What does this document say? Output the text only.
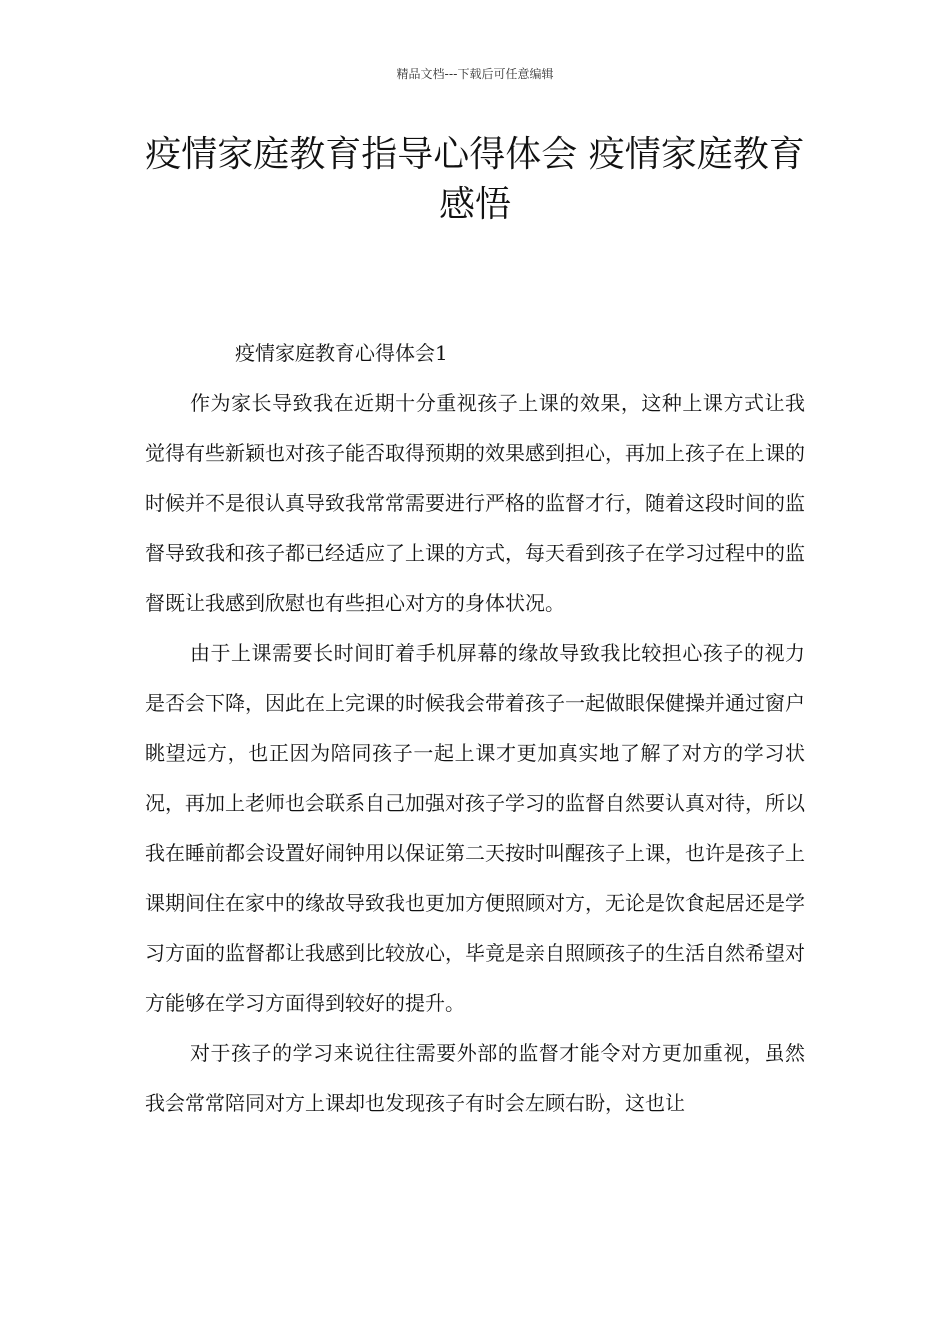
精品文档---下载后可任意编辑
疫情家庭教育指导心得体会 疫情家庭教育感悟

疫情家庭教育心得体会1

作为家长导致我在近期十分重视孩子上课的效果，这种上课方式让我觉得有些新颖也对孩子能否取得预期的效果感到担心，再加上孩子在上课的时候并不是很认真导致我常常需要进行严格的监督才行，随着这段时间的监督导致我和孩子都已经适应了上课的方式，每天看到孩子在学习过程中的监督既让我感到欣慰也有些担心对方的身体状况。

由于上课需要长时间盯着手机屏幕的缘故导致我比较担心孩子的视力是否会下降，因此在上完课的时候我会带着孩子一起做眼保健操并通过窗户眺望远方，也正因为陪同孩子一起上课才更加真实地了解了对方的学习状况，再加上老师也会联系自己加强对孩子学习的监督自然要认真对待，所以我在睡前都会设置好闹钟用以保证第二天按时叫醒孩子上课，也许是孩子上课期间住在家中的缘故导致我也更加方便照顾对方，无论是饮食起居还是学习方面的监督都让我感到比较放心，毕竟是亲自照顾孩子的生活自然希望对方能够在学习方面得到较好的提升。

对于孩子的学习来说往往需要外部的监督才能令对方更加重视，虽然我会常常陪同对方上课却也发现孩子有时会左顾右盼，这也让
